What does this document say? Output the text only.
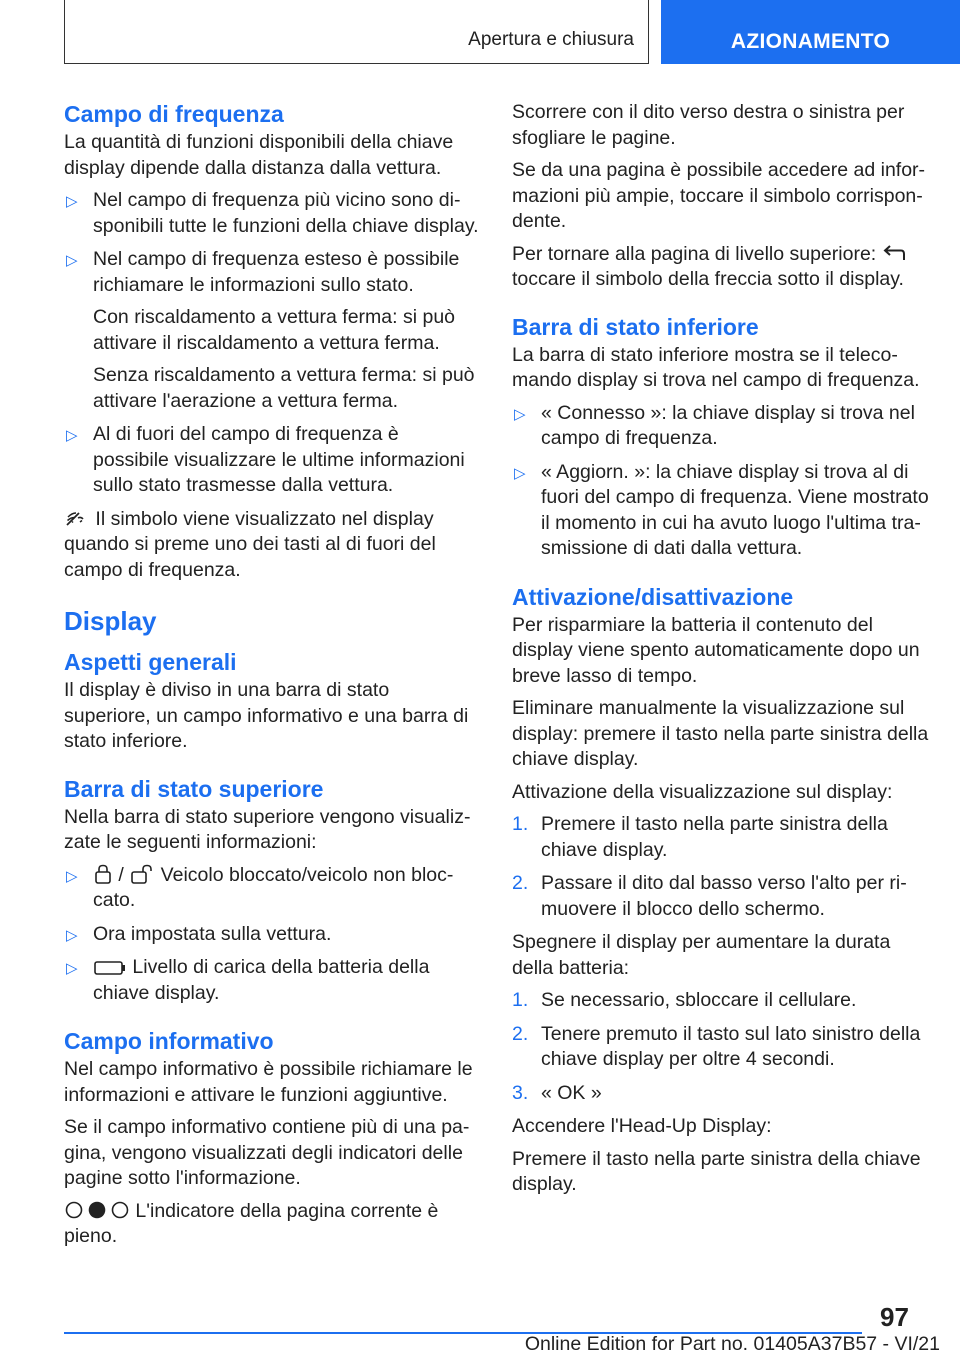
Apertura e chiusura	AZIONAMENTO
Campo di frequenza

La quantità di funzioni disponibili della chiave display dipende dalla distanza dalla vettura.

▷ Nel campo di frequenza più vicino sono disponibili tutte le funzioni della chiave display.
▷ Nel campo di frequenza esteso è possibile richiamare le informazioni sullo stato.

Con riscaldamento a vettura ferma: si può attivare il riscaldamento a vettura ferma.

Senza riscaldamento a vettura ferma: si può attivare l'aerazione a vettura ferma.

▷ Al di fuori del campo di frequenza è possibile visualizzare le ultime informazioni sullo stato trasmesse dalla vettura.

Il simbolo viene visualizzato nel display quando si preme uno dei tasti al di fuori del campo di frequenza.

Display
Aspetti generali

Il display è diviso in una barra di stato superiore, un campo informativo e una barra di stato inferiore.

Barra di stato superiore

Nella barra di stato superiore vengono visualizzate le seguenti informazioni:

▷ /  Veicolo bloccato/veicolo non bloccato.
▷ Ora impostata sulla vettura.
▷	Livello di carica della batteria della chiave display.
Campo informativo

Nel campo informativo è possibile richiamare le informazioni e attivare le funzioni aggiuntive.

Se il campo informativo contiene più di una pagina, vengono visualizzati degli indicatori delle pagine sotto l'informazione.

L'indicatore della pagina corrente è pieno.

Scorrere con il dito verso destra o sinistra per sfogliare le pagine.

Se da una pagina è possibile accedere ad informazioni più ampie, toccare il simbolo corrispondente.

Per tornare alla pagina di livello superiore:
toccare il simbolo della freccia sotto il display.

Barra di stato inferiore

La barra di stato inferiore mostra se il telecomando display si trova nel campo di frequenza.

▷ « Connesso »: la chiave display si trova nel campo di frequenza.
▷ « Aggiorn. »: la chiave display si trova al di fuori del campo di frequenza. Viene mostrato il momento in cui ha avuto luogo l'ultima trasmissione di dati dalla vettura.
Attivazione/disattivazione

Per risparmiare la batteria il contenuto del display viene spento automaticamente dopo un breve lasso di tempo.

Eliminare manualmente la visualizzazione sul display: premere il tasto nella parte sinistra della chiave display.

Attivazione della visualizzazione sul display:

1. Premere il tasto nella parte sinistra della chiave display.
2. Passare il dito dal basso verso l'alto per rimuovere il blocco dello schermo.

Spegnere il display per aumentare la durata della batteria:

1. Se necessario, sbloccare il cellulare.
2. Tenere premuto il tasto sul lato sinistro della chiave display per oltre 4 secondi.
3. « OK »

Accendere l'Head-Up Display:

Premere il tasto nella parte sinistra della chiave display.

97
Online Edition for Part no. 01405A37B57 - VI/21
